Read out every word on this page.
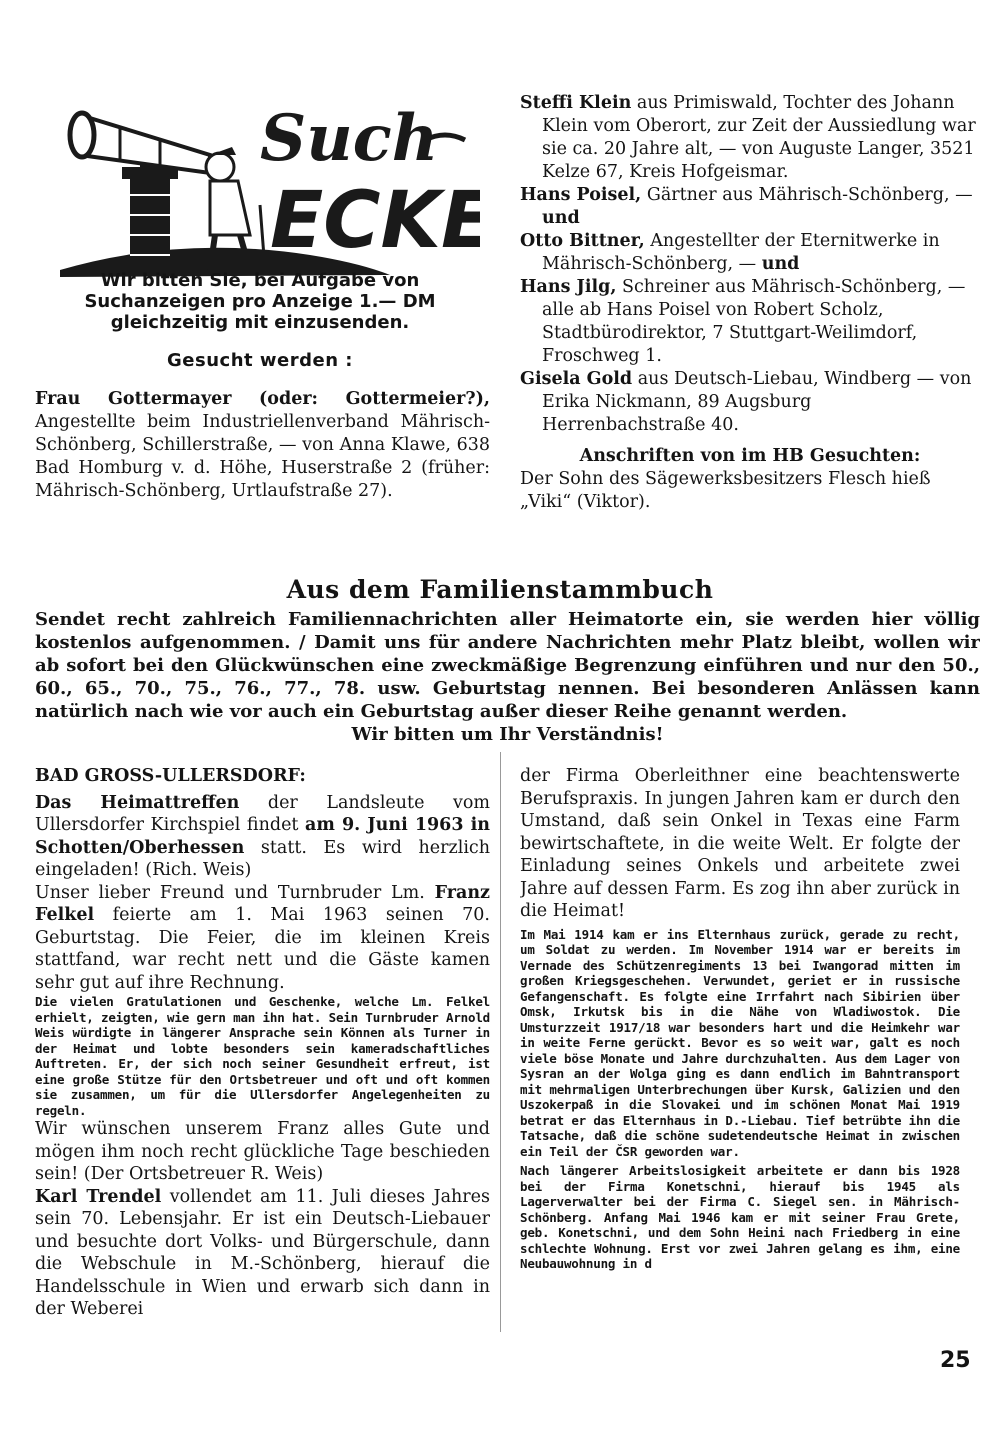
Such
ECKE
Wir bitten Sie, bei Aufgabe von Suchanzeigen pro Anzeige 1.— DM gleichzeitig mit einzusenden.
Gesucht werden :
Frau Gottermayer (oder: Gottermeier?), Angestellte beim Industriellenverband Mährisch-Schönberg, Schillerstraße, — von Anna Klawe, 638 Bad Homburg v. d. Höhe, Huserstraße 2 (früher: Mährisch-Schönberg, Urtlaufstraße 27).

Steffi Klein aus Primiswald, Tochter des Johann Klein vom Oberort, zur Zeit der Aussiedlung war sie ca. 20 Jahre alt, — von Auguste Langer, 3521 Kelze 67, Kreis Hofgeismar.

Hans Poisel, Gärtner aus Mährisch-Schönberg, — und

Otto Bittner, Angestellter der Eternitwerke in Mährisch-Schönberg, — und

Hans Jilg, Schreiner aus Mährisch-Schönberg, — alle ab Hans Poisel von Robert Scholz, Stadtbürodirektor, 7 Stuttgart-Weilimdorf, Froschweg 1.

Gisela Gold aus Deutsch-Liebau, Windberg — von Erika Nickmann, 89 Augsburg Herrenbachstraße 40.

Anschriften von im HB Gesuchten:

Der Sohn des Sägewerksbesitzers Flesch hieß „Viki“ (Viktor).

Aus dem Familienstammbuch
Sendet recht zahlreich Familiennachrichten aller Heimatorte ein, sie werden hier völlig kostenlos aufgenommen. / Damit uns für andere Nachrichten mehr Platz bleibt, wollen wir ab sofort bei den Glückwünschen eine zweckmäßige Begrenzung einführen und nur den 50., 60., 65., 70., 75., 76., 77., 78. usw. Geburtstag nennen. Bei besonderen Anlässen kann natürlich nach wie vor auch ein Geburtstag außer dieser Reihe genannt werden.
Wir bitten um Ihr Verständnis!

BAD GROSS-ULLERSDORF:

Das Heimattreffen der Landsleute vom Ullersdorfer Kirchspiel findet am 9. Juni 1963 in Schotten/Oberhessen statt. Es wird herzlich eingeladen! (Rich. Weis)

Unser lieber Freund und Turnbruder Lm. Franz Felkel feierte am 1. Mai 1963 seinen 70. Geburtstag. Die Feier, die im kleinen Kreis stattfand, war recht nett und die Gäste kamen sehr gut auf ihre Rechnung.

Die vielen Gratulationen und Geschenke, welche Lm. Felkel erhielt, zeigten, wie gern man ihn hat. Sein Turnbruder Arnold Weis würdigte in längerer Ansprache sein Können als Turner in der Heimat und lobte besonders sein kameradschaftliches Auftreten. Er, der sich noch seiner Gesundheit erfreut, ist eine große Stütze für den Ortsbetreuer und oft und oft kommen sie zusammen, um für die Ullersdorfer Angelegenheiten zu regeln.

Wir wünschen unserem Franz alles Gute und mögen ihm noch recht glückliche Tage beschieden sein! (Der Ortsbetreuer R. Weis)

Karl Trendel vollendet am 11. Juli dieses Jahres sein 70. Lebensjahr. Er ist ein Deutsch-Liebauer und besuchte dort Volks- und Bürgerschule, dann die Webschule in M.-Schönberg, hierauf die Handelsschule in Wien und erwarb sich dann in der Weberei

der Firma Oberleithner eine beachtenswerte Berufspraxis. In jungen Jahren kam er durch den Umstand, daß sein Onkel in Texas eine Farm bewirtschaftete, in die weite Welt. Er folgte der Einladung seines Onkels und arbeitete zwei Jahre auf dessen Farm. Es zog ihn aber zurück in die Heimat!

Im Mai 1914 kam er ins Elternhaus zurück, gerade zu recht, um Soldat zu werden. Im November 1914 war er bereits im Vernade des Schützenregiments 13 bei Iwangorad mitten im großen Kriegsgeschehen. Verwundet, geriet er in russische Gefangenschaft. Es folgte eine Irrfahrt nach Sibirien über Omsk, Irkutsk bis in die Nähe von Wladiwostok. Die Umsturzzeit 1917/18 war besonders hart und die Heimkehr war in weite Ferne gerückt. Bevor es so weit war, galt es noch viele böse Monate und Jahre durchzuhalten. Aus dem Lager von Sysran an der Wolga ging es dann endlich im Bahntransport mit mehrmaligen Unterbrechungen über Kursk, Galizien und den Uszokerpaß in die Slovakei und im schönen Monat Mai 1919 betrat er das Elternhaus in D.-Liebau. Tief betrübte ihn die Tatsache, daß die schöne sudetendeutsche Heimat in zwischen ein Teil der ČSR geworden war.

Nach längerer Arbeitslosigkeit arbeitete er dann bis 1928 bei der Firma Konetschni, hierauf bis 1945 als Lagerverwalter bei der Firma C. Siegel sen. in Mährisch-Schönberg. Anfang Mai 1946 kam er mit seiner Frau Grete, geb. Konetschni, und dem Sohn Heini nach Friedberg in eine schlechte Wohnung. Erst vor zwei Jahren gelang es ihm, eine Neubauwohnung in d

25
